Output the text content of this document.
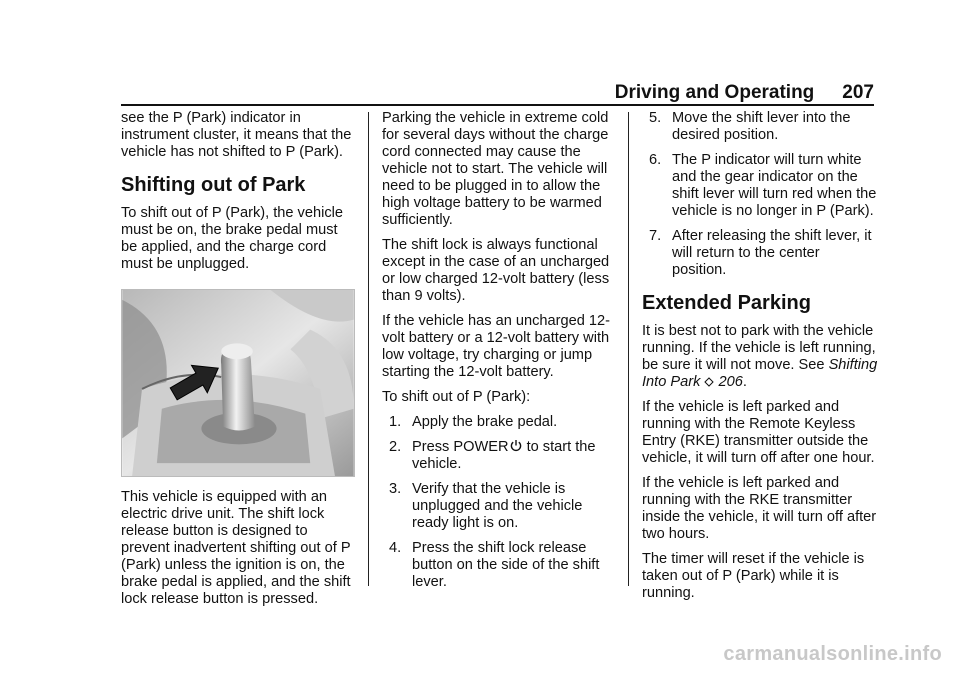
Driving and Operating 207

see the P (Park) indicator in instrument cluster, it means that the vehicle has not shifted to P (Park).

Shifting out of Park

To shift out of P (Park), the vehicle must be on, the brake pedal must be applied, and the charge cord must be unplugged.

This vehicle is equipped with an electric drive unit. The shift lock release button is designed to prevent inadvertent shifting out of P (Park) unless the ignition is on, the brake pedal is applied, and the shift lock release button is pressed.

Parking the vehicle in extreme cold for several days without the charge cord connected may cause the vehicle not to start. The vehicle will need to be plugged in to allow the high voltage battery to be warmed sufficiently.

The shift lock is always functional except in the case of an uncharged or low charged 12-volt battery (less than 9 volts).

If the vehicle has an uncharged 12-volt battery or a 12-volt battery with low voltage, try charging or jump starting the 12-volt battery.

To shift out of P (Park):

1. Apply the brake pedal.
2. Press POWER to start the vehicle.
3. Verify that the vehicle is unplugged and the vehicle ready light is on.
4. Press the shift lock release button on the side of the shift lever.
5. Move the shift lever into the desired position.
6. The P indicator will turn white and the gear indicator on the shift lever will turn red when the vehicle is no longer in P (Park).
7. After releasing the shift lever, it will return to the center position.
Extended Parking

It is best not to park with the vehicle running. If the vehicle is left running, be sure it will not move. See Shifting Into Park 206.

If the vehicle is left parked and running with the Remote Keyless Entry (RKE) transmitter outside the vehicle, it will turn off after one hour.

If the vehicle is left parked and running with the RKE transmitter inside the vehicle, it will turn off after two hours.

The timer will reset if the vehicle is taken out of P (Park) while it is running.

carmanualsonline.info
